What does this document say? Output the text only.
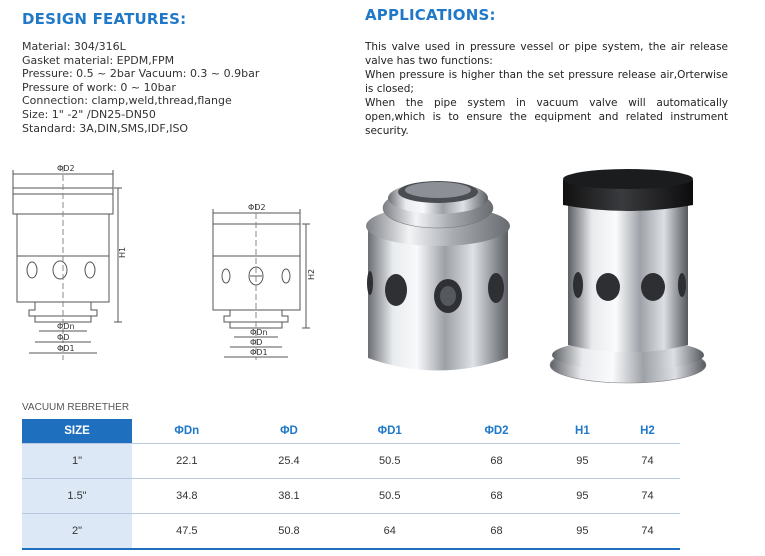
DESIGN FEATURES:	APPLICATIONS:
Material: 304/316L
Gasket material: EPDM,FPM
Pressure: 0.5 ~ 2bar Vacuum: 0.3 ~ 0.9bar
Pressure of work: 0 ~ 10bar
Connection: clamp,weld,thread,flange
Size: 1" -2" /DN25-DN50
Standard: 3A,DIN,SMS,IDF,ISO

This valve used in pressure vessel or pipe system, the air release valve has two functions:

When pressure is higher than the set pressure release air,Orterwise is closed;

When the pipe system in vacuum valve will automatically open,which is to ensure the equipment and related instrument security.

ΦD2
H1
ΦDn
ΦD
ΦD1
ΦD2
H2
ΦDn
ΦD
ΦD1
VACUUM REBRETHER
SIZE	ΦDn	ΦD	ΦD1	ΦD2	H1	H2
1"	22.1	25.4	50.5	68	95	74
1.5"	34.8	38.1	50.5	68	95	74
2"	47.5	50.8	64	68	95	74
